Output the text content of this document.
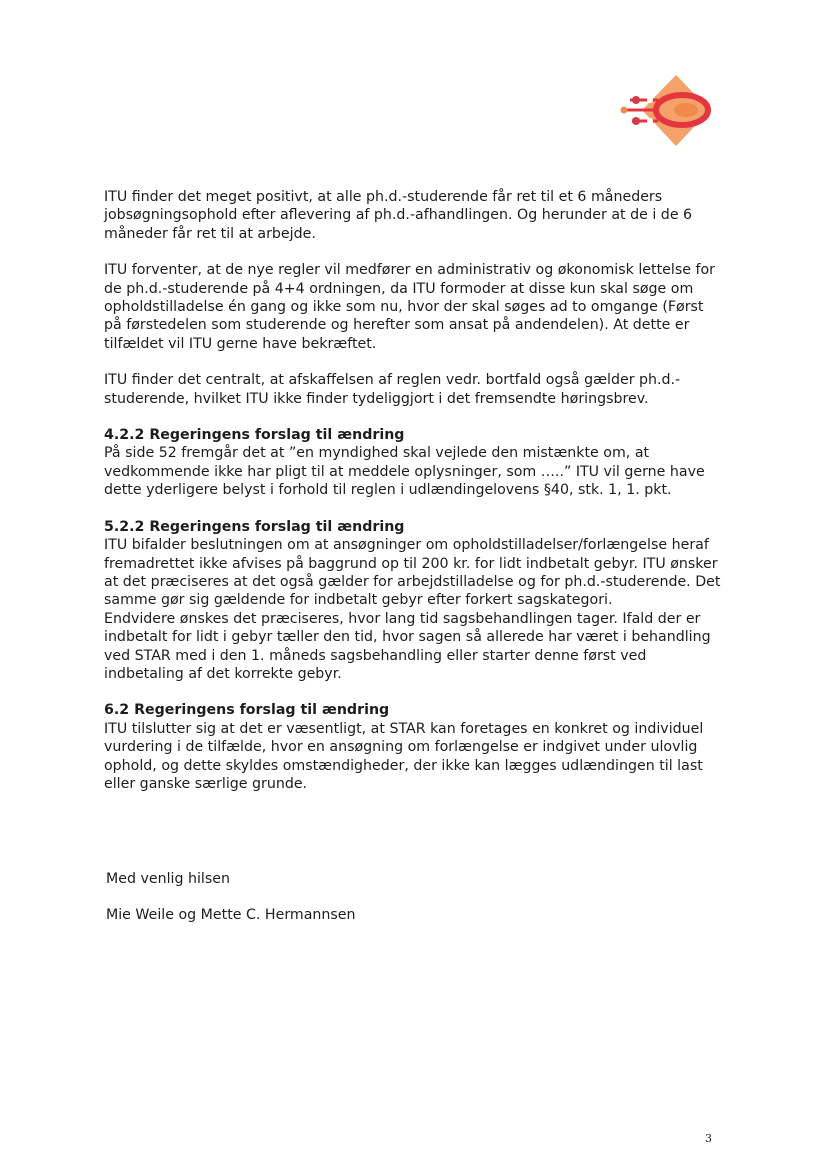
ITU finder det meget positivt, at alle ph.d.-studerende får ret til et 6 måneders jobsøgningsophold efter aflevering af ph.d.-afhandlingen. Og herunder at de i de 6 måneder får ret til at arbejde.

ITU forventer, at de nye regler vil medfører en administrativ og økonomisk lettelse for de ph.d.-studerende på 4+4 ordningen, da ITU formoder at disse kun skal søge om opholdstilladelse én gang og ikke som nu, hvor der skal søges ad to omgange (Først på førstedelen som studerende og herefter som ansat på andendelen). At dette er tilfældet vil ITU gerne have bekræftet.

ITU finder det centralt, at afskaffelsen af reglen vedr. bortfald også gælder ph.d.-studerende, hvilket ITU ikke finder tydeliggjort i det fremsendte høringsbrev.

4.2.2 Regeringens forslag til ændring

På side 52 fremgår det at ”en myndighed skal vejlede den mistænkte om, at vedkommende ikke har pligt til at meddele oplysninger, som …..” ITU vil gerne have dette yderligere belyst i forhold til reglen i udlændingelovens §40, stk. 1, 1. pkt.

5.2.2 Regeringens forslag til ændring

ITU bifalder beslutningen om at ansøgninger om opholdstilladelser/forlængelse heraf fremadrettet ikke afvises på baggrund op til 200 kr. for lidt indbetalt gebyr. ITU ønsker at det præciseres at det også gælder for arbejdstilladelse og for ph.d.-studerende. Det samme gør sig gældende for indbetalt gebyr efter forkert sagskategori.

Endvidere ønskes det præciseres, hvor lang tid sagsbehandlingen tager. Ifald der er indbetalt for lidt i gebyr tæller den tid, hvor sagen så allerede har været i behandling ved STAR med i den 1. måneds sagsbehandling eller starter denne først ved indbetaling af det korrekte gebyr.

6.2 Regeringens forslag til ændring

ITU tilslutter sig at det er væsentligt, at STAR kan foretages en konkret og individuel vurdering i de tilfælde, hvor en ansøgning om forlængelse er indgivet under ulovlig ophold, og dette skyldes omstændigheder, der ikke kan lægges udlændingen til last eller ganske særlige grunde.

Med venlig hilsen

Mie Weile og Mette C. Hermannsen

3
